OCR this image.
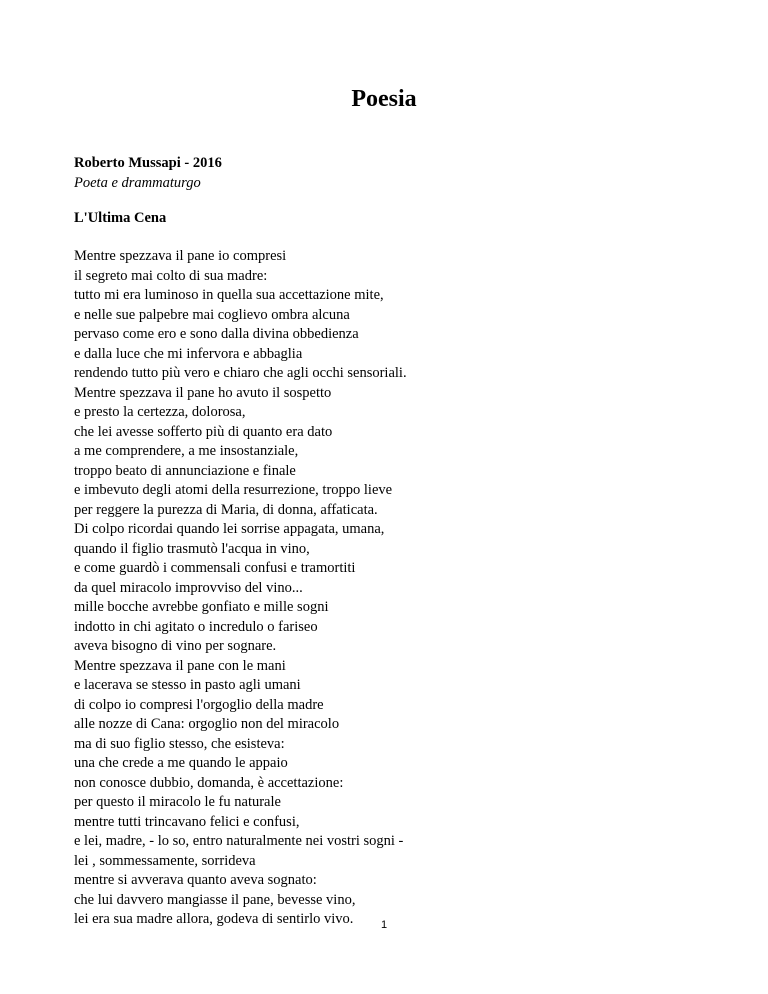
Poesia

Roberto Mussapi - 2016

Poeta e drammaturgo

L'Ultima Cena

Mentre spezzava il pane io compresi
il segreto mai colto di sua madre:
tutto mi era luminoso in quella sua accettazione mite,
e nelle sue palpebre mai coglievo ombra alcuna
pervaso come ero e sono dalla divina obbedienza
e dalla luce che mi infervora e abbaglia
rendendo tutto più vero e chiaro che agli occhi sensoriali.
Mentre spezzava il pane ho avuto il sospetto
e presto la certezza, dolorosa,
che lei avesse sofferto più di quanto era dato
a me comprendere, a me insostanziale,
troppo beato di annunciazione e finale
e imbevuto degli atomi della resurrezione, troppo lieve
per reggere la purezza di Maria, di donna, affaticata.
Di colpo ricordai quando lei sorrise appagata, umana,
quando il figlio trasmutò l'acqua in vino,
e come guardò i commensali confusi e tramortiti
da quel miracolo improvviso del vino...
mille bocche avrebbe gonfiato e mille sogni
indotto in chi agitato o incredulo o fariseo
aveva bisogno di vino per sognare.
Mentre spezzava il pane con le mani
e lacerava se stesso in pasto agli umani
di colpo io compresi l'orgoglio della madre
alle nozze di Cana: orgoglio non del miracolo
ma di suo figlio stesso, che esisteva:
una che crede a me quando le appaio
non conosce dubbio, domanda, è accettazione:
per questo il miracolo le fu naturale
mentre tutti trincavano felici e confusi,
e lei, madre, - lo so, entro naturalmente nei vostri sogni -
lei , sommessamente, sorrideva
mentre si avverava quanto aveva sognato:
che lui davvero mangiasse il pane, bevesse vino,
lei era sua madre allora, godeva di sentirlo vivo.	1
